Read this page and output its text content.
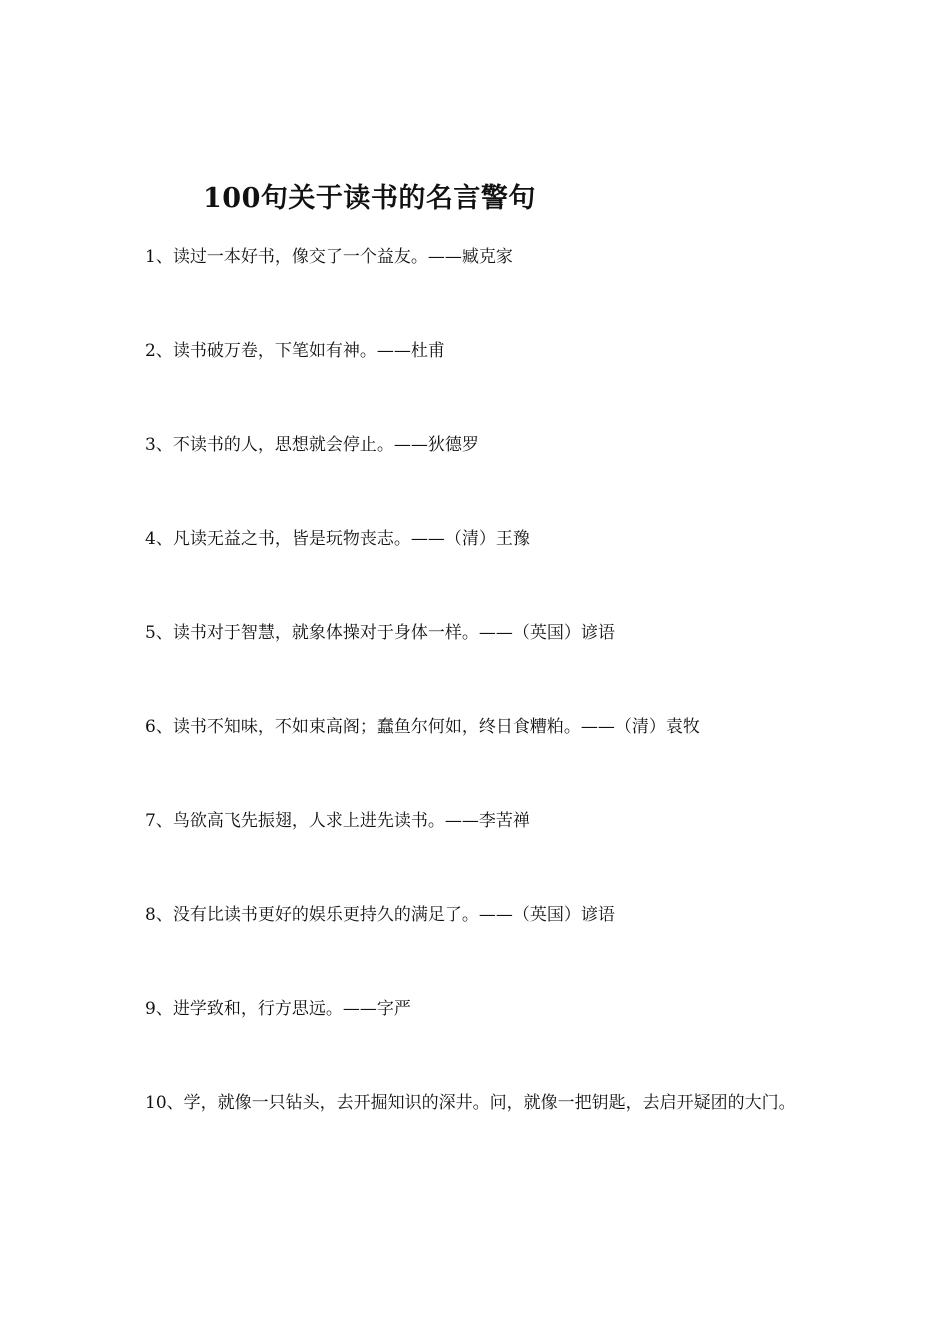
100句关于读书的名言警句
1、读过一本好书，像交了一个益友。——臧克家
2、读书破万卷，下笔如有神。——杜甫
3、不读书的人，思想就会停止。——狄德罗
4、凡读无益之书，皆是玩物丧志。——（清）王豫
5、读书对于智慧，就象体操对于身体一样。——（英国）谚语
6、读书不知味，不如束高阁；蠢鱼尔何如，终日食糟粕。——（清）袁牧
7、鸟欲高飞先振翅，人求上进先读书。——李苦禅
8、没有比读书更好的娱乐更持久的满足了。——（英国）谚语
9、进学致和，行方思远。——字严
10、学，就像一只钻头，去开掘知识的深井。问，就像一把钥匙，去启开疑团的大门。
